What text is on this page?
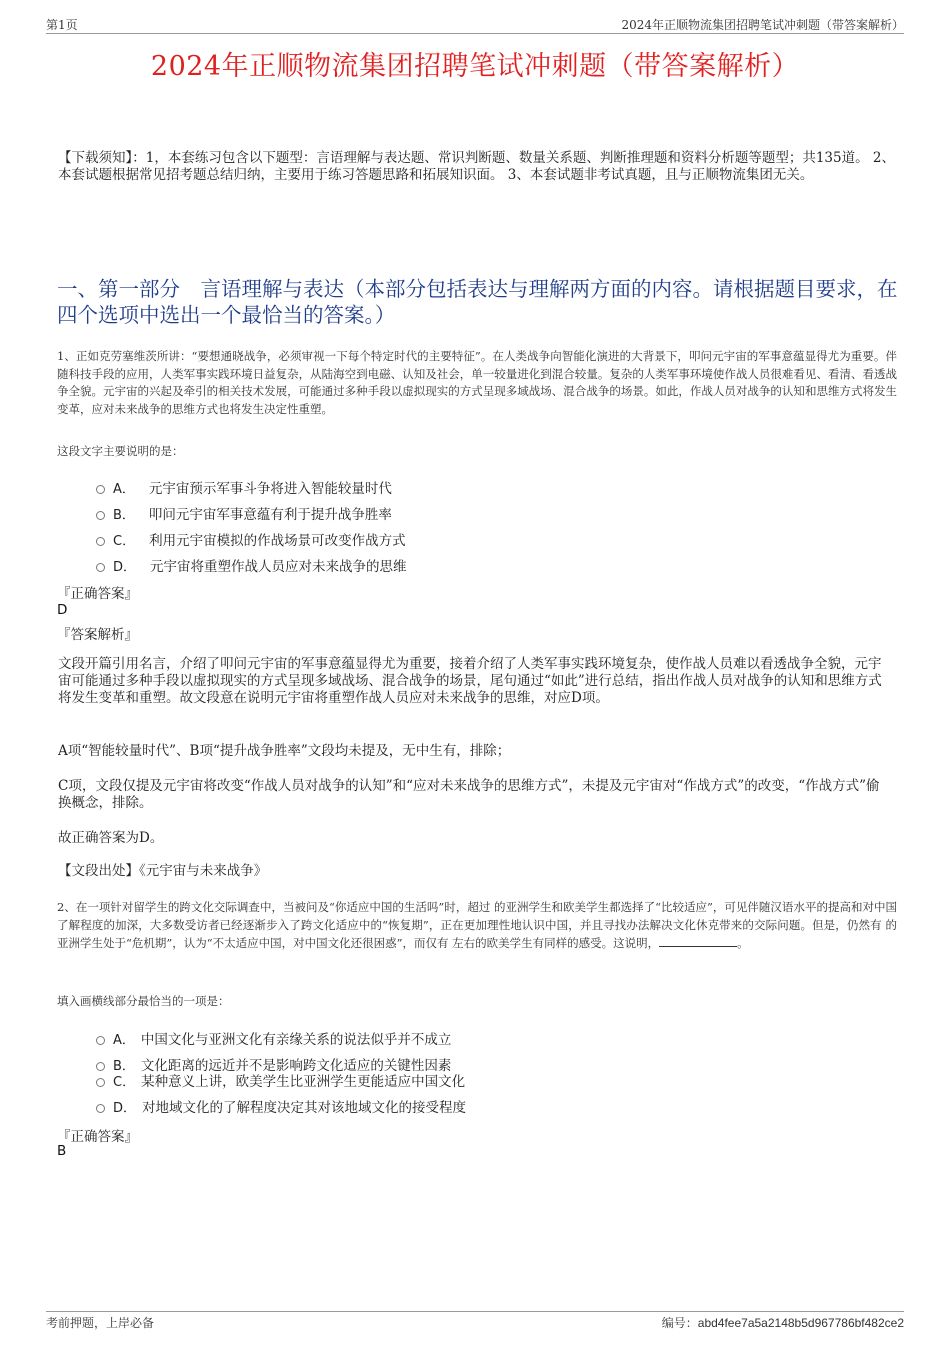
第1页	2024年正顺物流集团招聘笔试冲刺题（带答案解析）
2024年正顺物流集团招聘笔试冲刺题（带答案解析）
【下载须知】：1，本套练习包含以下题型：言语理解与表达题、常识判断题、数量关系题、判断推理题和资料分析题等题型；共135道。 2、本套试题根据常见招考题总结归纳，主要用于练习答题思路和拓展知识面。 3、本套试题非考试真题，且与正顺物流集团无关。
一、第一部分　言语理解与表达（本部分包括表达与理解两方面的内容。请根据题目要求，在四个选项中选出一个最恰当的答案。）
1、正如克劳塞维茨所讲：“要想通晓战争，必须审视一下每个特定时代的主要特征”。在人类战争向智能化演进的大背景下，叩问元宇宙的军事意蕴显得尤为重要。伴随科技手段的应用，人类军事实践环境日益复杂，从陆海空到电磁、认知及社会，单一较量进化到混合较量。复杂的人类军事环境使作战人员很难看见、看清、看透战争全貌。元宇宙的兴起及牵引的相关技术发展，可能通过多种手段以虚拟现实的方式呈现多域战场、混合战争的场景。如此，作战人员对战争的认知和思维方式将发生变革，应对未来战争的思维方式也将发生决定性重塑。
这段文字主要说明的是：
A． 元宇宙预示军事斗争将进入智能较量时代
B． 叩问元宇宙军事意蕴有利于提升战争胜率
C． 利用元宇宙模拟的作战场景可改变作战方式
D． 元宇宙将重塑作战人员应对未来战争的思维
『正确答案』
D
『答案解析』
文段开篇引用名言，介绍了叩问元宇宙的军事意蕴显得尤为重要，接着介绍了人类军事实践环境复杂，使作战人员难以看透战争全貌，元宇宙可能通过多种手段以虚拟现实的方式呈现多域战场、混合战争的场景，尾句通过“如此”进行总结，指出作战人员对战争的认知和思维方式将发生变革和重塑。故文段意在说明元宇宙将重塑作战人员应对未来战争的思维，对应D项。
A项“智能较量时代”、B项“提升战争胜率”文段均未提及，无中生有，排除；
C项，文段仅提及元宇宙将改变“作战人员对战争的认知”和“应对未来战争的思维方式”，未提及元宇宙对“作战方式”的改变，“作战方式”偷换概念，排除。
故正确答案为D。
【文段出处】《元宇宙与未来战争》
2、在一项针对留学生的跨文化交际调查中，当被问及“你适应中国的生活吗”时，超过 的亚洲学生和欧美学生都选择了“比较适应”，可见伴随汉语水平的提高和对中国了解程度的加深，大多数受访者已经逐渐步入了跨文化适应中的“恢复期”，正在更加理性地认识中国，并且寻找办法解决文化休克带来的交际问题。但是，仍然有 的亚洲学生处于“危机期”，认为“不太适应中国，对中国文化还很困惑”，而仅有 左右的欧美学生有同样的感受。这说明，	。
填入画横线部分最恰当的一项是：
A． 中国文化与亚洲文化有亲缘关系的说法似乎并不成立
B． 文化距离的远近并不是影响跨文化适应的关键性因素
C． 某种意义上讲，欧美学生比亚洲学生更能适应中国文化
D． 对地域文化的了解程度决定其对该地域文化的接受程度
『正确答案』
B
考前押题，上岸必备	编号：abd4fee7a5a2148b5d967786bf482ce2
